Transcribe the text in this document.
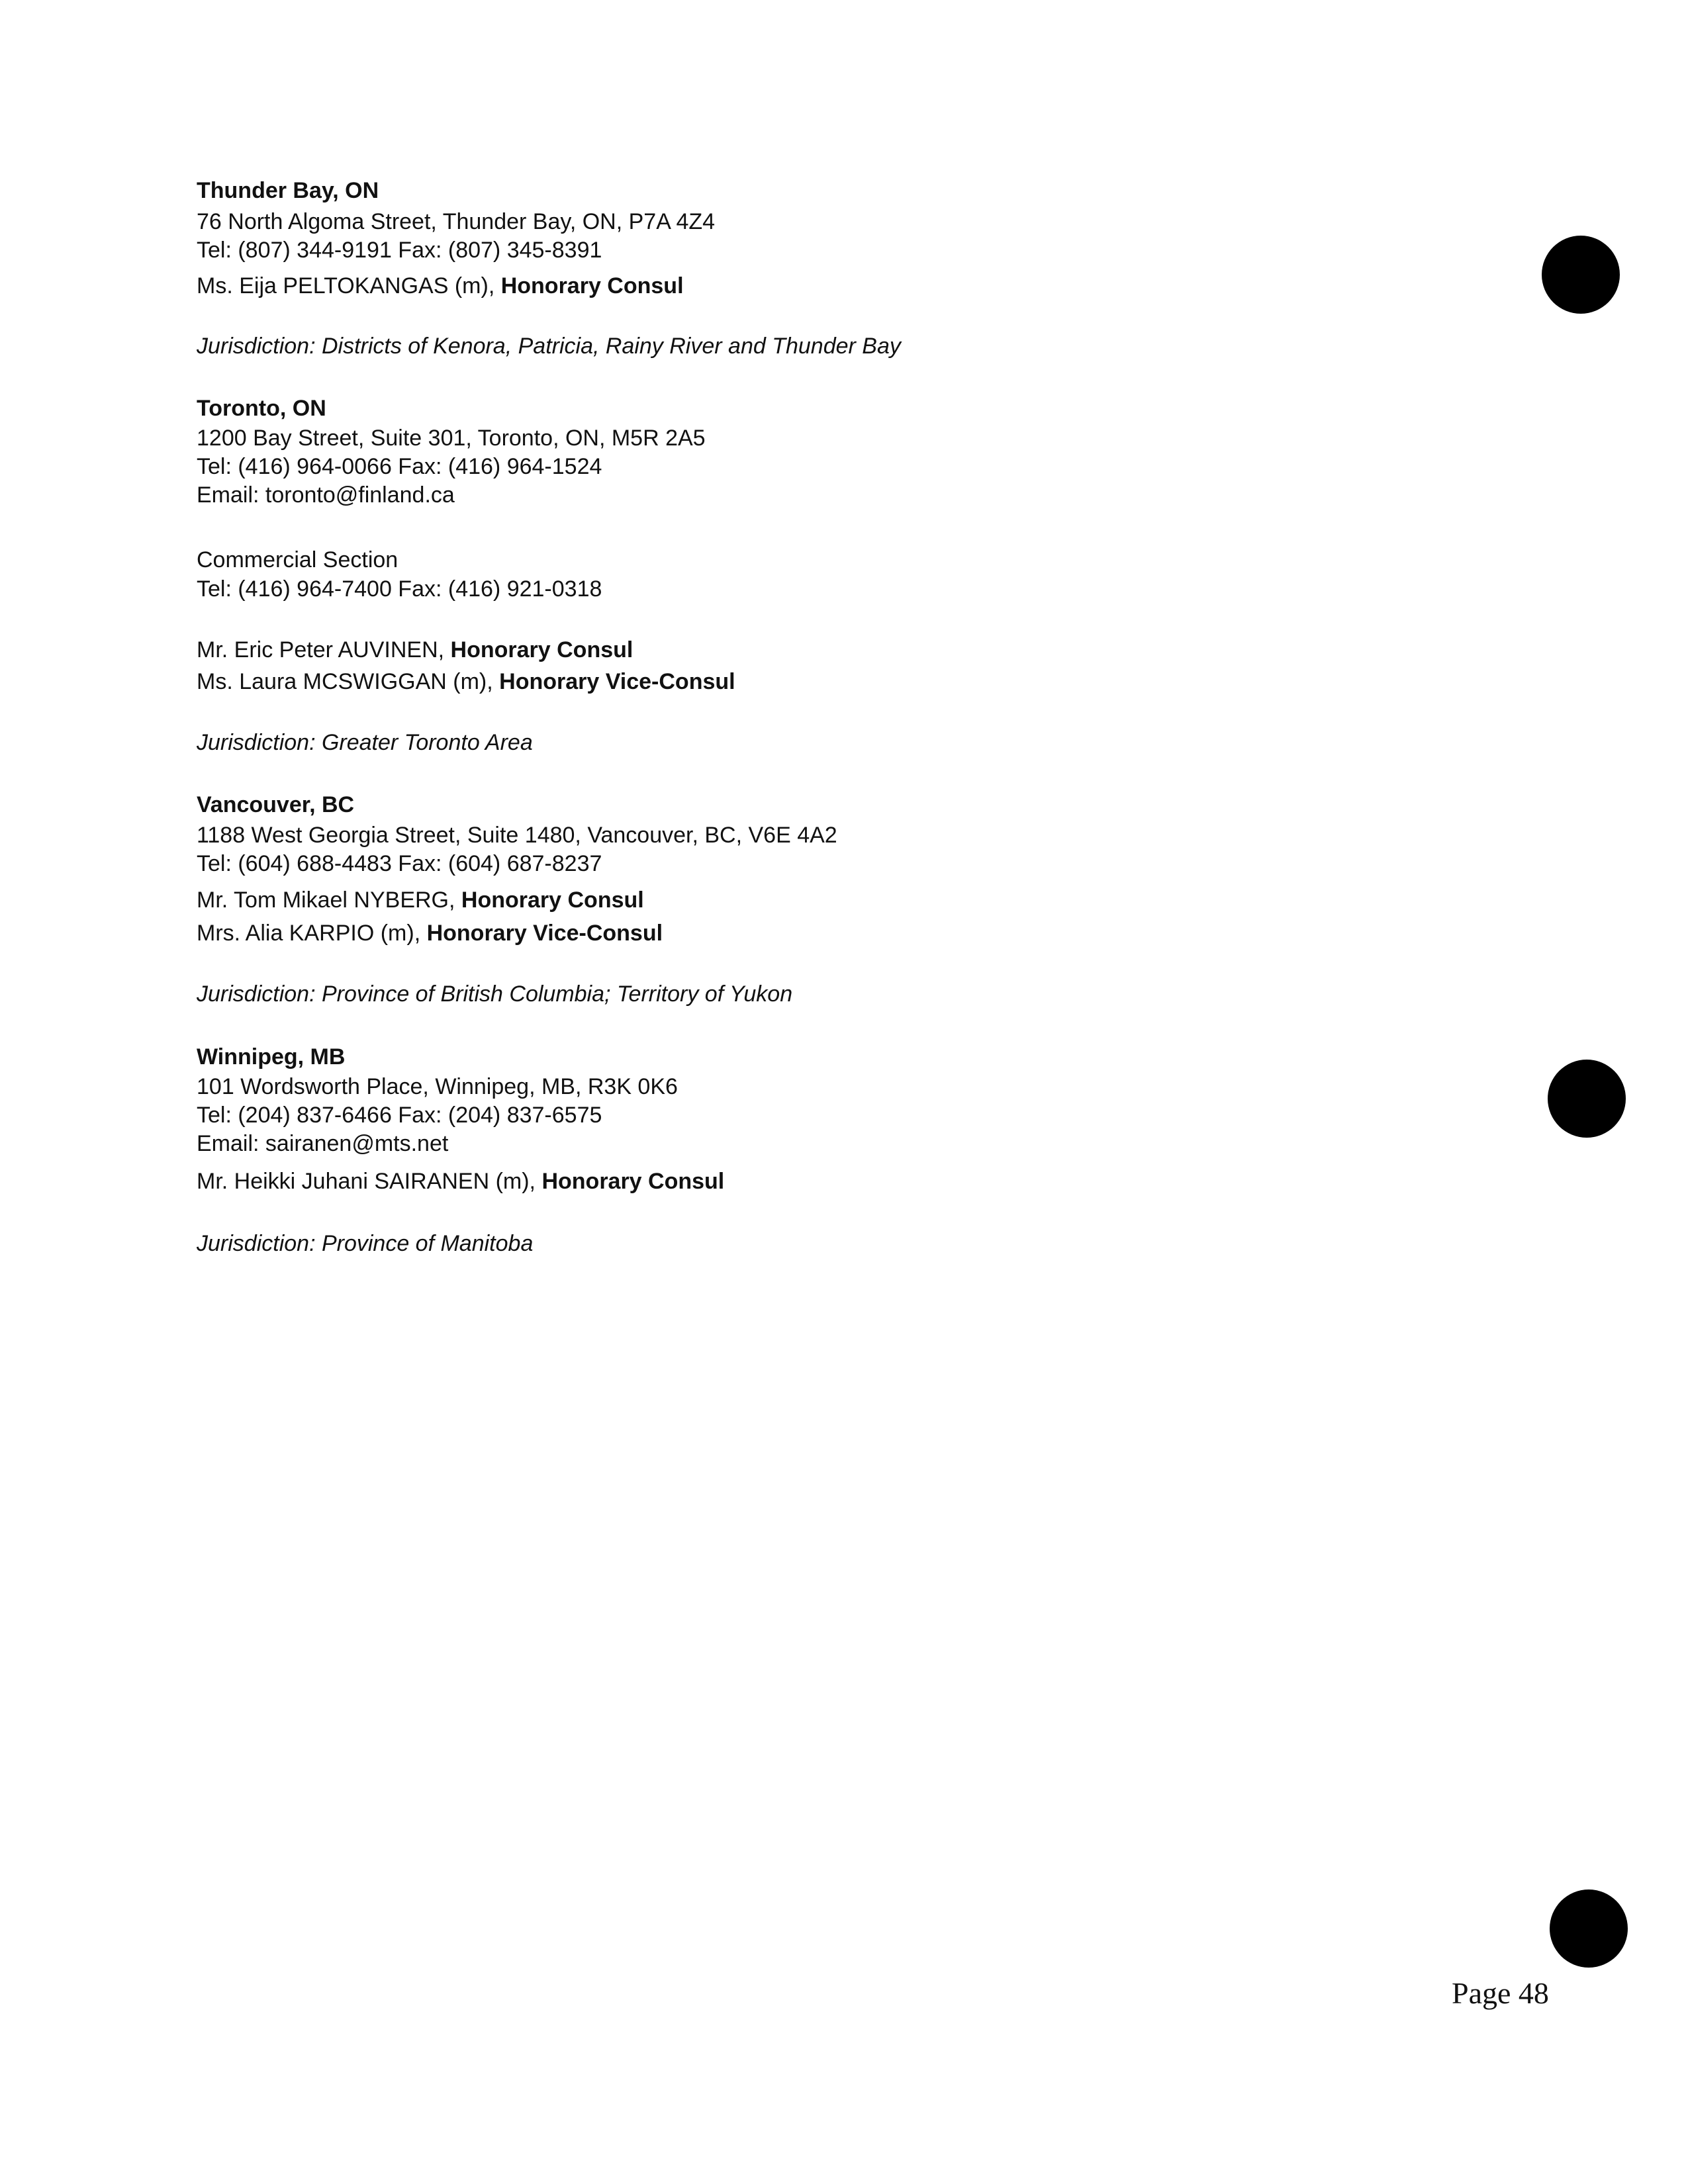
Thunder Bay, ON
76 North Algoma Street, Thunder Bay, ON, P7A 4Z4
Tel: (807) 344-9191 Fax: (807) 345-8391
Ms. Eija PELTOKANGAS (m), Honorary Consul
Jurisdiction: Districts of Kenora, Patricia, Rainy River and Thunder Bay
Toronto, ON
1200 Bay Street, Suite 301, Toronto, ON, M5R 2A5
Tel: (416) 964-0066 Fax: (416) 964-1524
Email: toronto@finland.ca
Commercial Section
Tel: (416) 964-7400 Fax: (416) 921-0318
Mr. Eric Peter AUVINEN, Honorary Consul
Ms. Laura MCSWIGGAN (m), Honorary Vice-Consul
Jurisdiction: Greater Toronto Area
Vancouver, BC
1188 West Georgia Street, Suite 1480, Vancouver, BC, V6E 4A2
Tel: (604) 688-4483 Fax: (604) 687-8237
Mr. Tom Mikael NYBERG, Honorary Consul
Mrs. Alia KARPIO (m), Honorary Vice-Consul
Jurisdiction: Province of British Columbia; Territory of Yukon
Winnipeg, MB
101 Wordsworth Place, Winnipeg, MB, R3K 0K6
Tel: (204) 837-6466 Fax: (204) 837-6575
Email: sairanen@mts.net
Mr. Heikki Juhani SAIRANEN (m), Honorary Consul
Jurisdiction: Province of Manitoba
Page 48
